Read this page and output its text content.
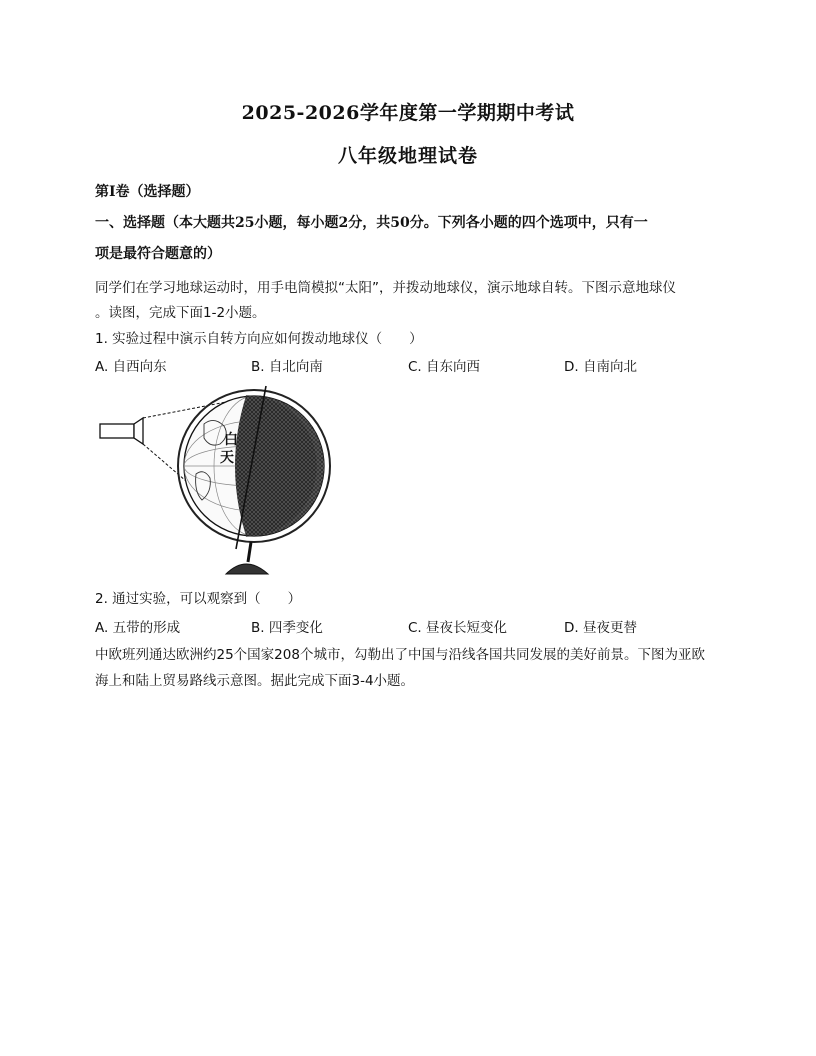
2025-2026学年度第一学期期中考试
八年级地理试卷
第I卷（选择题）
一、选择题（本大题共25小题，每小题2分，共50分。下列各小题的四个选项中，只有一
项是最符合题意的）
同学们在学习地球运动时，用手电筒模拟“太阳”，并拨动地球仪，演示地球自转。下图示意地球仪
。读图，完成下面1-2小题。
1. 实验过程中演示自转方向应如何拨动地球仪（　　）
A. 自西向东	B. 自北向南	C. 自东向西	D. 自南向北
白
天
2. 通过实验，可以观察到（　　）
A. 五带的形成	B. 四季变化	C. 昼夜长短变化	D. 昼夜更替
中欧班列通达欧洲约25个国家208个城市，勾勒出了中国与沿线各国共同发展的美好前景。下图为亚欧
海上和陆上贸易路线示意图。据此完成下面3-4小题。
